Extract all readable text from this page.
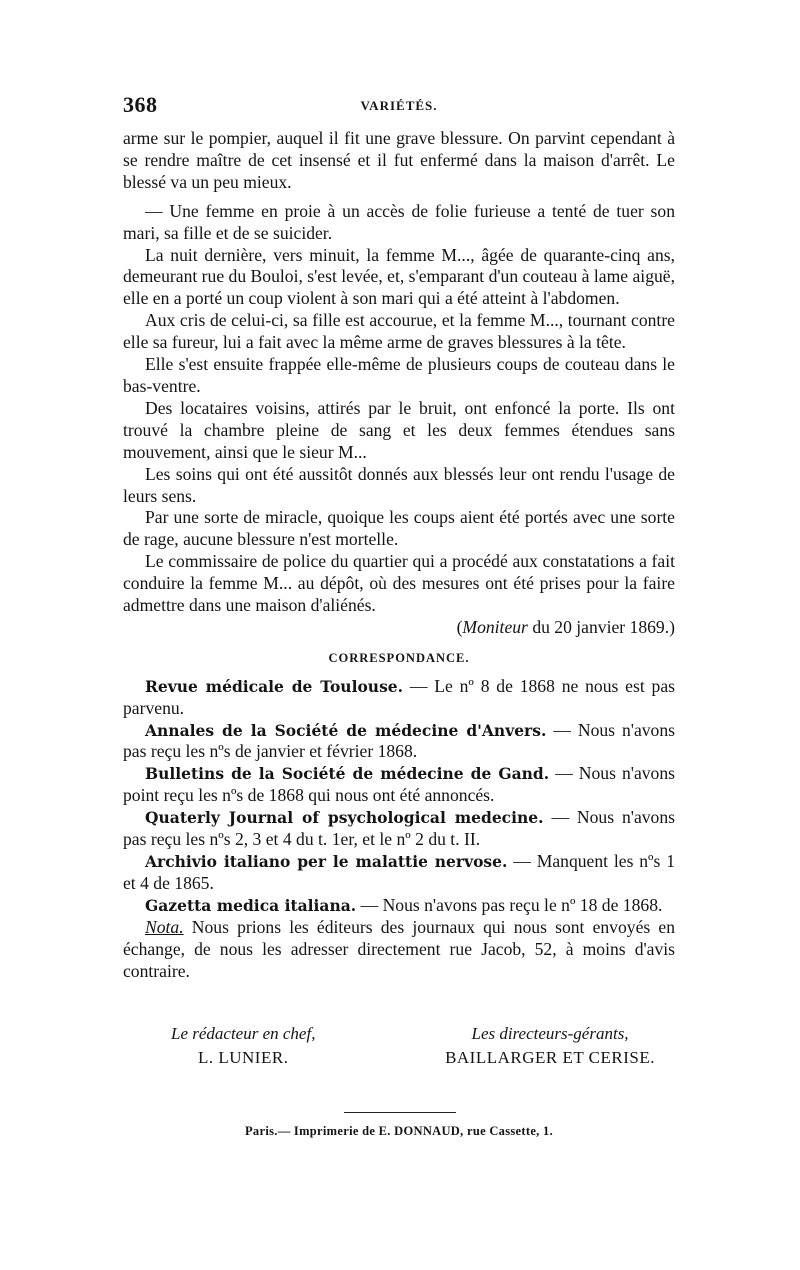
368	VARIÉTÉS.

arme sur le pompier, auquel il fit une grave blessure. On parvint cependant à se rendre maître de cet insensé et il fut enfermé dans la maison d'arrêt. Le blessé va un peu mieux.

— Une femme en proie à un accès de folie furieuse a tenté de tuer son mari, sa fille et de se suicider.

La nuit dernière, vers minuit, la femme M..., âgée de quarante-cinq ans, demeurant rue du Bouloi, s'est levée, et, s'emparant d'un couteau à lame aiguë, elle en a porté un coup violent à son mari qui a été atteint à l'abdomen.

Aux cris de celui-ci, sa fille est accourue, et la femme M..., tournant contre elle sa fureur, lui a fait avec la même arme de graves blessures à la tête.

Elle s'est ensuite frappée elle-même de plusieurs coups de couteau dans le bas-ventre.

Des locataires voisins, attirés par le bruit, ont enfoncé la porte. Ils ont trouvé la chambre pleine de sang et les deux femmes étendues sans mouvement, ainsi que le sieur M...

Les soins qui ont été aussitôt donnés aux blessés leur ont rendu l'usage de leurs sens.

Par une sorte de miracle, quoique les coups aient été portés avec une sorte de rage, aucune blessure n'est mortelle.

Le commissaire de police du quartier qui a procédé aux constatations a fait conduire la femme M... au dépôt, où des mesures ont été prises pour la faire admettre dans une maison d'aliénés.

(Moniteur du 20 janvier 1869.)

CORRESPONDANCE.

Revue médicale de Toulouse. — Le nº 8 de 1868 ne nous est pas parvenu.

Annales de la Société de médecine d'Anvers. — Nous n'avons pas reçu les nºs de janvier et février 1868.

Bulletins de la Société de médecine de Gand. — Nous n'avons point reçu les nºs de 1868 qui nous ont été annoncés.

Quaterly Journal of psychological medecine. — Nous n'avons pas reçu les nºs 2, 3 et 4 du t. 1er, et le nº 2 du t. II.

Archivio italiano per le malattie nervose. — Manquent les nºs 1 et 4 de 1865.

Gazetta medica italiana. — Nous n'avons pas reçu le nº 18 de 1868.

Nota. Nous prions les éditeurs des journaux qui nous sont envoyés en échange, de nous les adresser directement rue Jacob, 52, à moins d'avis contraire.

Le rédacteur en chef,
L. LUNIER.
Les directeurs-gérants,
BAILLARGER ET CERISE.
Paris.— Imprimerie de E. DONNAUD, rue Cassette, 1.
